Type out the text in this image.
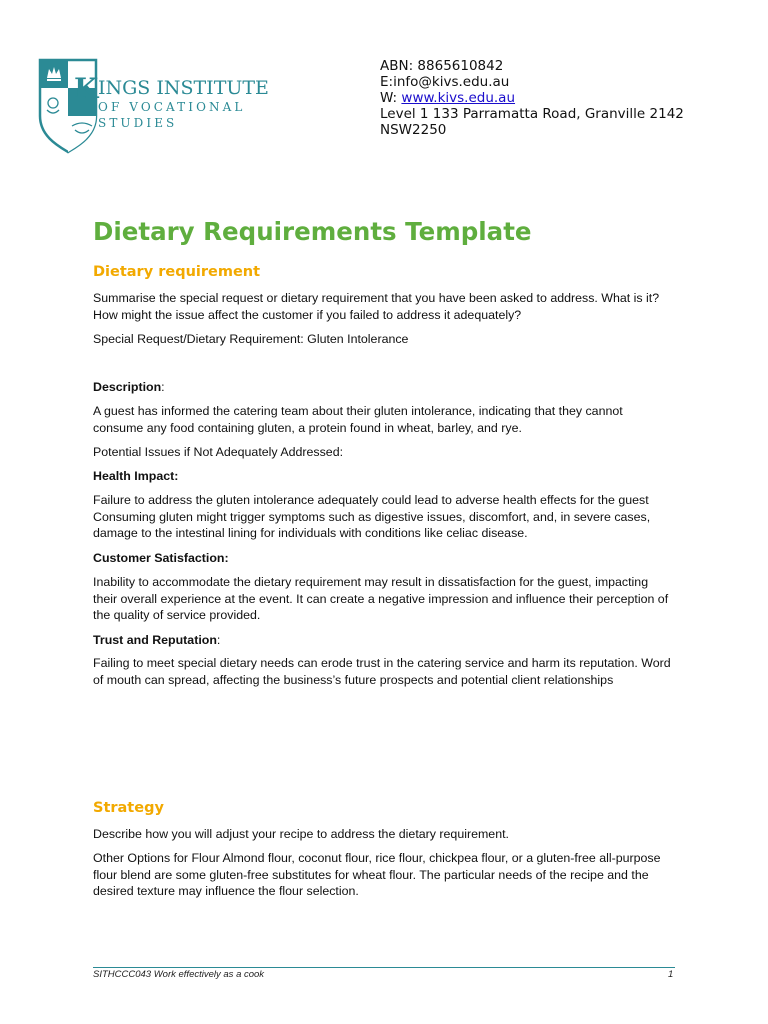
K INGS INSTITUTE
OF VOCATIONAL
STUDIES
ABN: 8865610842
E:info@kivs.edu.au
W: www.kivs.edu.au
Level 1 133 Parramatta Road, Granville 2142
NSW2250
Dietary Requirements Template
Dietary requirement

Summarise the special request or dietary requirement that you have been asked to address. What is it? How might the issue affect the customer if you failed to address it adequately?

Special Request/Dietary Requirement: Gluten Intolerance

Description:

A guest has informed the catering team about their gluten intolerance, indicating that they cannot consume any food containing gluten, a protein found in wheat, barley, and rye.

Potential Issues if Not Adequately Addressed:

Health Impact:

Failure to address the gluten intolerance adequately could lead to adverse health effects for the guest Consuming gluten might trigger symptoms such as digestive issues, discomfort, and, in severe cases, damage to the intestinal lining for individuals with conditions like celiac disease.

Customer Satisfaction:

Inability to accommodate the dietary requirement may result in dissatisfaction for the guest, impacting their overall experience at the event. It can create a negative impression and influence their perception of the quality of service provided.

Trust and Reputation:

Failing to meet special dietary needs can erode trust in the catering service and harm its reputation. Word of mouth can spread, affecting the business’s future prospects and potential client relationships

Strategy

Describe how you will adjust your recipe to address the dietary requirement.

Other Options for Flour Almond flour, coconut flour, rice flour, chickpea flour, or a gluten-free all-purpose flour blend are some gluten-free substitutes for wheat flour. The particular needs of the recipe and the desired texture may influence the flour selection.

SITHCCC043 Work effectively as a cook	1
